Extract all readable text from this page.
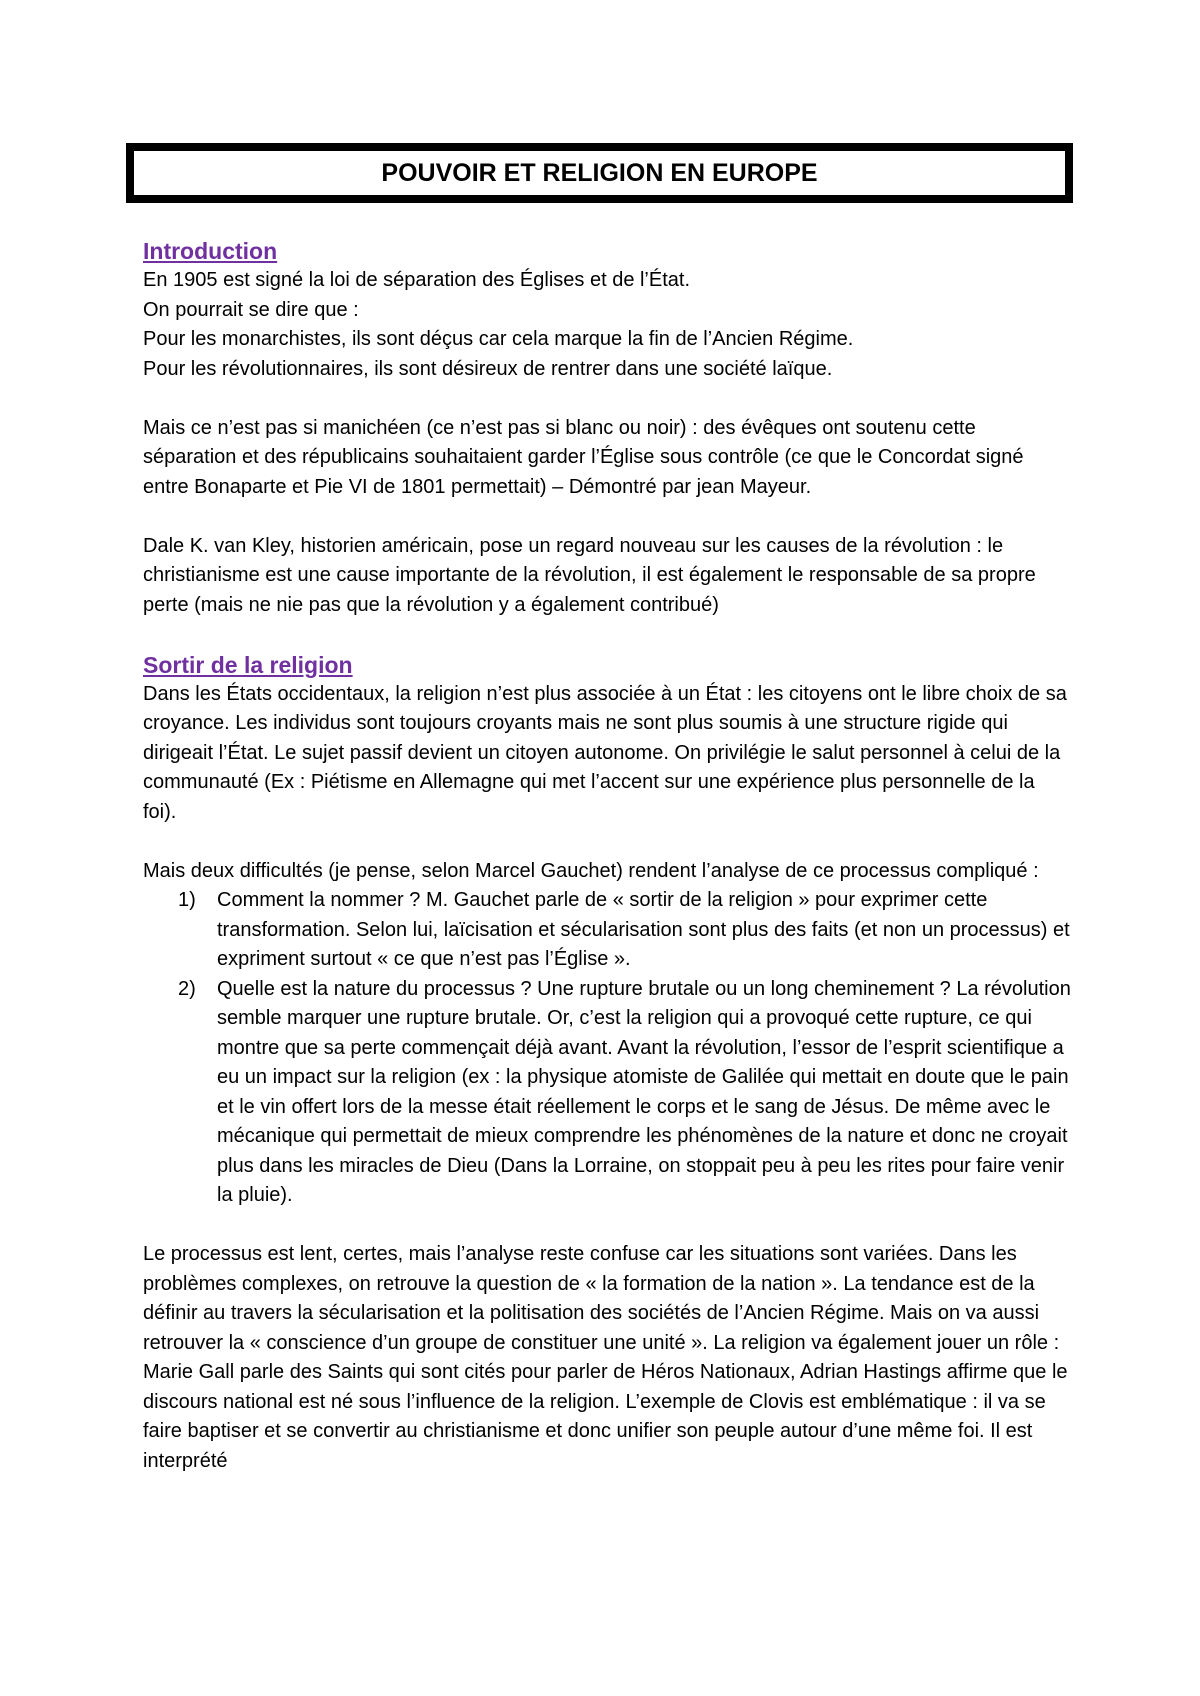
POUVOIR ET RELIGION EN EUROPE
Introduction

En 1905 est signé la loi de séparation des Églises et de l’État.

On pourrait se dire que :

Pour les monarchistes, ils sont déçus car cela marque la fin de l’Ancien Régime.

Pour les révolutionnaires, ils sont désireux de rentrer dans une société laïque.

Mais ce n’est pas si manichéen (ce n’est pas si blanc ou noir) : des évêques ont soutenu cette séparation et des républicains souhaitaient garder l’Église sous contrôle (ce que le Concordat signé entre Bonaparte et Pie VI de 1801 permettait) – Démontré par jean Mayeur.

Dale K. van Kley, historien américain, pose un regard nouveau sur les causes de la révolution : le christianisme est une cause importante de la révolution, il est également le responsable de sa propre perte (mais ne nie pas que la révolution y a également contribué)

Sortir de la religion

Dans les États occidentaux, la religion n’est plus associée à un État : les citoyens ont le libre choix de sa croyance. Les individus sont toujours croyants mais ne sont plus soumis à une structure rigide qui dirigeait l’État. Le sujet passif devient un citoyen autonome. On privilégie le salut personnel à celui de la communauté (Ex : Piétisme en Allemagne qui met l’accent sur une expérience plus personnelle de la foi).

Mais deux difficultés (je pense, selon Marcel Gauchet) rendent l’analyse de ce processus compliqué :

1) Comment la nommer ? M. Gauchet parle de « sortir de la religion » pour exprimer cette transformation. Selon lui, laïcisation et sécularisation sont plus des faits (et non un processus) et expriment surtout « ce que n’est pas l’Église ».
2) Quelle est la nature du processus ? Une rupture brutale ou un long cheminement ? La révolution semble marquer une rupture brutale. Or, c’est la religion qui a provoqué cette rupture, ce qui montre que sa perte commençait déjà avant. Avant la révolution, l’essor de l’esprit scientifique a eu un impact sur la religion (ex : la physique atomiste de Galilée qui mettait en doute que le pain et le vin offert lors de la messe était réellement le corps et le sang de Jésus. De même avec le mécanique qui permettait de mieux comprendre les phénomènes de la nature et donc ne croyait plus dans les miracles de Dieu (Dans la Lorraine, on stoppait peu à peu les rites pour faire venir la pluie).

Le processus est lent, certes, mais l’analyse reste confuse car les situations sont variées. Dans les problèmes complexes, on retrouve la question de « la formation de la nation ». La tendance est de la définir au travers la sécularisation et la politisation des sociétés de l’Ancien Régime. Mais on va aussi retrouver la « conscience d’un groupe de constituer une unité ». La religion va également jouer un rôle : Marie Gall parle des Saints qui sont cités pour parler de Héros Nationaux, Adrian Hastings affirme que le discours national est né sous l’influence de la religion. L’exemple de Clovis est emblématique : il va se faire baptiser et se convertir au christianisme et donc unifier son peuple autour d’une même foi. Il est interprété
